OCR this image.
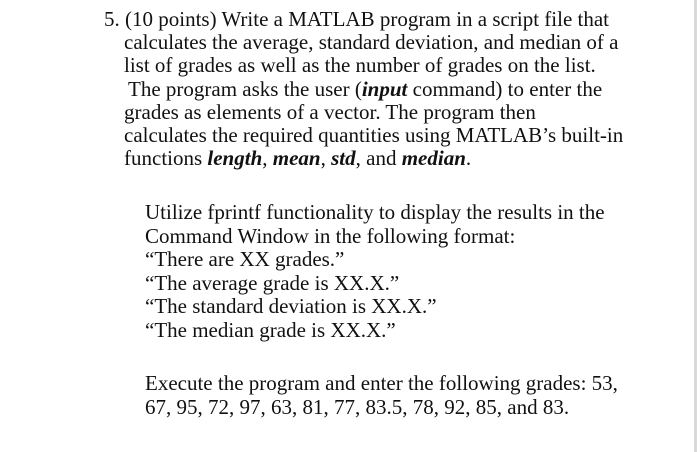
5. (10 points) Write a MATLAB program in a script file that
calculates the average, standard deviation, and median of a
list of grades as well as the number of grades on the list.
The program asks the user (input command) to enter the
grades as elements of a vector. The program then
calculates the required quantities using MATLAB’s built-in
functions length, mean, std, and median.
Utilize fprintf functionality to display the results in the
Command Window in the following format:
“There are XX grades.”
“The average grade is XX.X.”
“The standard deviation is XX.X.”
“The median grade is XX.X.”
Execute the program and enter the following grades: 53,
67, 95, 72, 97, 63, 81, 77, 83.5, 78, 92, 85, and 83.
